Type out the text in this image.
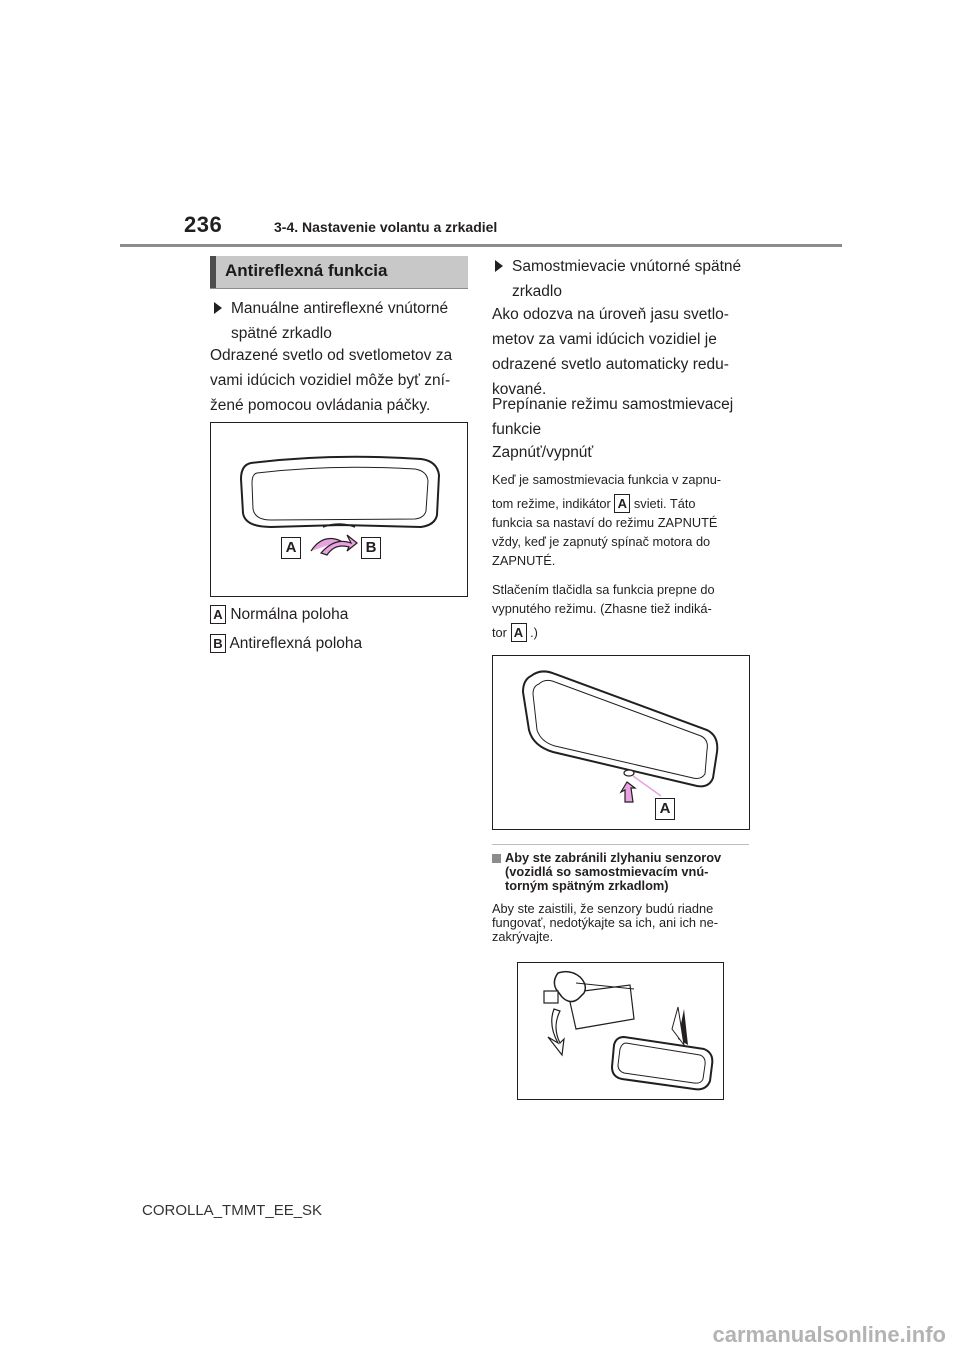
236	3-4. Nastavenie volantu a zrkadiel
Antireflexná funkcia
Manuálne antireflexné vnútorné
spätné zrkadlo
Odrazené svetlo od svetlometov za
vami idúcich vozidiel môže byť zní-
žené pomocou ovládania páčky.
A	B
A Normálna poloha
B Antireflexná poloha
Samostmievacie vnútorné spätné
zrkadlo
Ako odozva na úroveň jasu svetlo-
metov za vami idúcich vozidiel je
odrazené svetlo automaticky redu-
kované.
Prepínanie režimu samostmievacej
funkcie
Zapnúť/vypnúť
Keď je samostmievacia funkcia v zapnu-
tom režime, indikátor A svieti. Táto
funkcia sa nastaví do režimu ZAPNUTÉ
vždy, keď je zapnutý spínač motora do
ZAPNUTÉ.
Stlačením tlačidla sa funkcia prepne do
vypnutého režimu. (Zhasne tiež indiká-
tor A .)
A
Aby ste zabránili zlyhaniu senzorov
(vozidlá so samostmievacím vnú-
torným spätným zrkadlom)
Aby ste zaistili, že senzory budú riadne
fungovať, nedotýkajte sa ich, ani ich ne-
zakrývajte.
COROLLA_TMMT_EE_SK
carmanualsonline.info
